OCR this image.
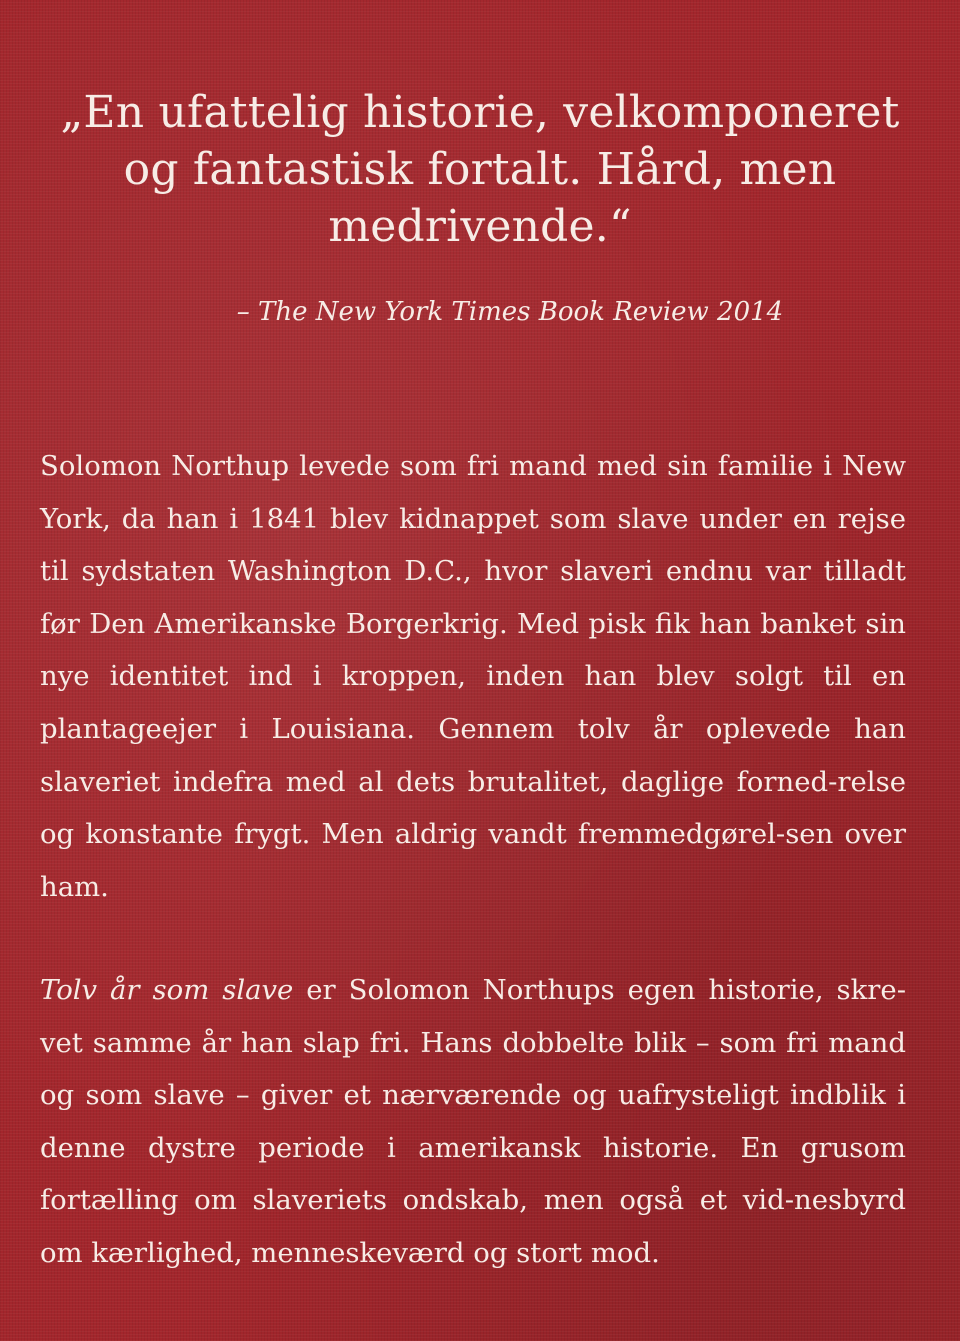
„En ufattelig historie, velkomponeret og fantastisk fortalt. Hård, men medrivende.“

– The New York Times Book Review 2014

Solomon Northup levede som fri mand med sin familie i New York, da han i 1841 blev kidnappet som slave under en rejse til sydstaten Washington D.C., hvor slaveri endnu var tilladt før Den Amerikanske Borgerkrig. Med pisk fik han banket sin nye identitet ind i kroppen, inden han blev solgt til en plantageejer i Louisiana. Gennem tolv år oplevede han slaveriet indefra med al dets brutalitet, daglige forned-relse og konstante frygt. Men aldrig vandt fremmedgørel-sen over ham.

Tolv år som slave er Solomon Northups egen historie, skre-vet samme år han slap fri. Hans dobbelte blik – som fri mand og som slave – giver et nærværende og uafrysteligt indblik i denne dystre periode i amerikansk historie. En grusom fortælling om slaveriets ondskab, men også et vid-nesbyrd om kærlighed, menneskeværd og stort mod.
